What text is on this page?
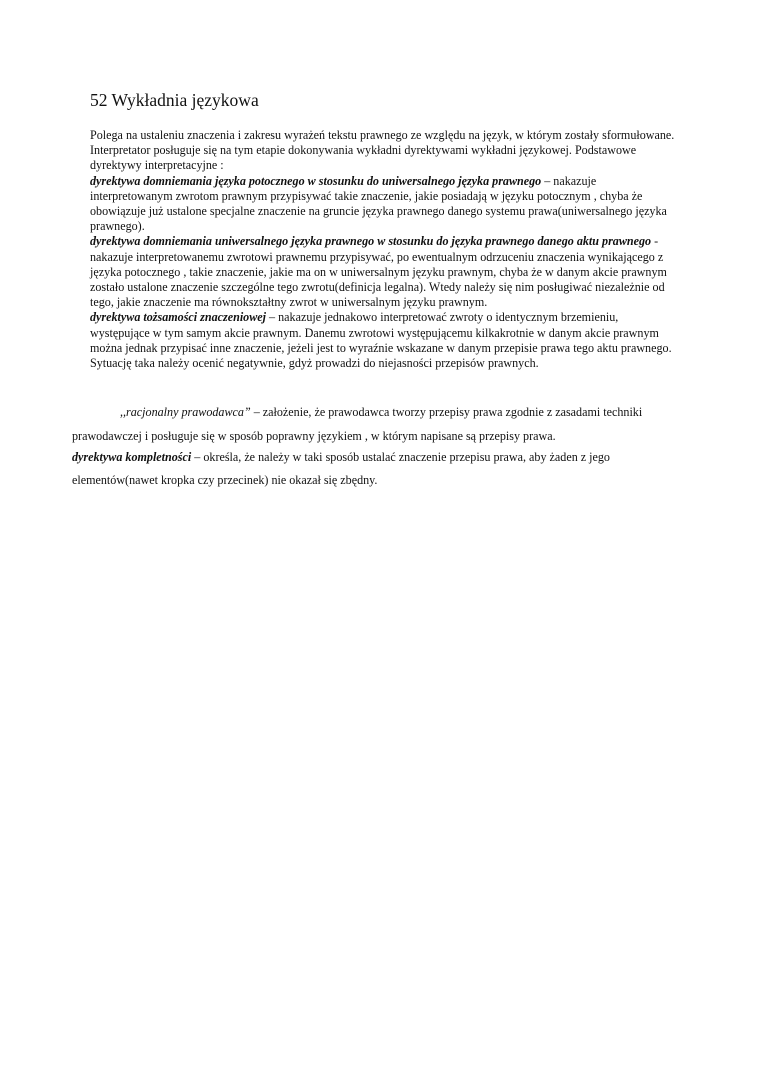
52 Wykładnia językowa

Polega na ustaleniu znaczenia i zakresu wyrażeń tekstu prawnego ze względu na język, w którym zostały sformułowane.

Interpretator posługuje się na tym etapie dokonywania wykładni dyrektywami wykładni językowej. Podstawowe dyrektywy interpretacyjne :

dyrektywa domniemania języka potocznego w stosunku do uniwersalnego języka prawnego – nakazuje interpretowanym zwrotom prawnym przypisywać takie znaczenie, jakie posiadają w języku potocznym , chyba że obowiązuje już ustalone specjalne znaczenie na gruncie języka prawnego danego systemu prawa(uniwersalnego języka prawnego).

dyrektywa domniemania uniwersalnego języka prawnego w stosunku do języka prawnego danego aktu prawnego - nakazuje interpretowanemu zwrotowi prawnemu przypisywać, po ewentualnym odrzuceniu znaczenia wynikającego z języka potocznego , takie znaczenie, jakie ma on w uniwersalnym języku prawnym, chyba że w danym akcie prawnym zostało ustalone znaczenie szczególne tego zwrotu(definicja legalna). Wtedy należy się nim posługiwać niezależnie od tego, jakie znaczenie ma równokształtny zwrot w uniwersalnym języku prawnym.

dyrektywa tożsamości znaczeniowej – nakazuje jednakowo interpretować zwroty o identycznym brzemieniu, występujące w tym samym akcie prawnym. Danemu zwrotowi występującemu kilkakrotnie w danym akcie prawnym można jednak przypisać inne znaczenie, jeżeli jest to wyraźnie wskazane w danym przepisie prawa tego aktu prawnego. Sytuację taka należy ocenić negatywnie, gdyż prowadzi do niejasności przepisów prawnych.

,,racjonalny prawodawca” – założenie, że prawodawca tworzy przepisy prawa zgodnie z zasadami techniki

prawodawczej i posługuje się w sposób poprawny językiem , w którym napisane są przepisy prawa.

dyrektywa kompletności – określa, że należy w taki sposób ustalać znaczenie przepisu prawa, aby żaden z jego

elementów(nawet kropka czy przecinek) nie okazał się zbędny.
